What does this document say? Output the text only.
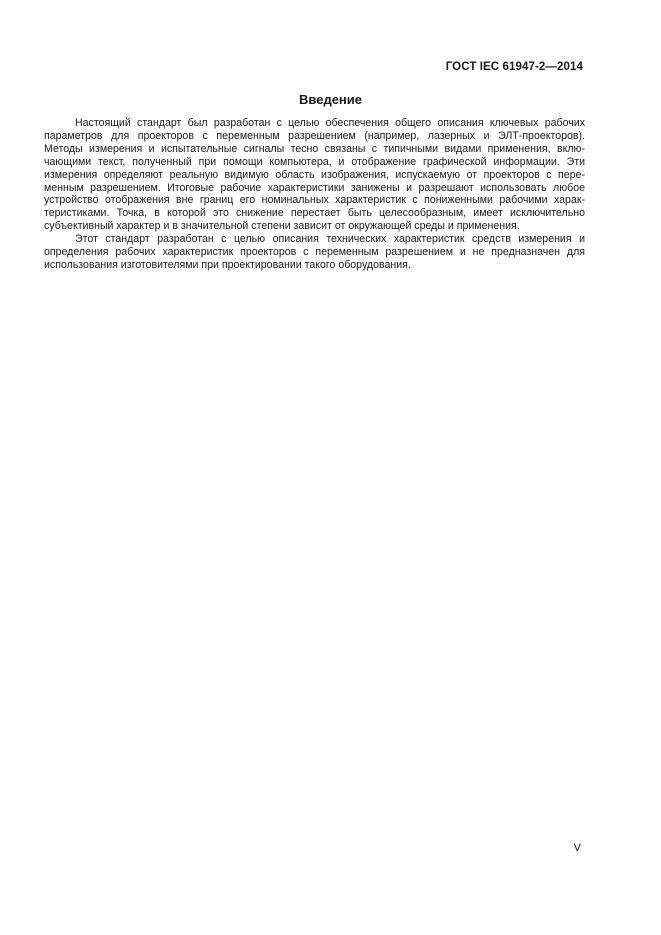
ГОСТ IEC 61947-2—2014
Введение
Настоящий стандарт был разработан с целью обеспечения общего описания ключевых рабочих
параметров для проекторов с переменным разрешением (например, лазерных и ЭЛТ-проекторов).
Методы измерения и испытательные сигналы тесно связаны с типичными видами применения, вклю-
чающими текст, полученный при помощи компьютера, и отображение графической информации. Эти
измерения определяют реальную видимую область изображения, испускаемую от проекторов с пере-
менным разрешением. Итоговые рабочие характеристики занижены и разрешают использовать любое
устройство отображения вне границ его номинальных характеристик с пониженными рабочими харак-
теристиками. Точка, в которой это снижение перестает быть целесообразным, имеет исключительно
субъективный характер и в значительной степени зависит от окружающей среды и применения.
Этот стандарт разработан с целью описания технических характеристик средств измерения и
определения рабочих характеристик проекторов с переменным разрешением и не предназначен для
использования изготовителями при проектировании такого оборудования.
V
